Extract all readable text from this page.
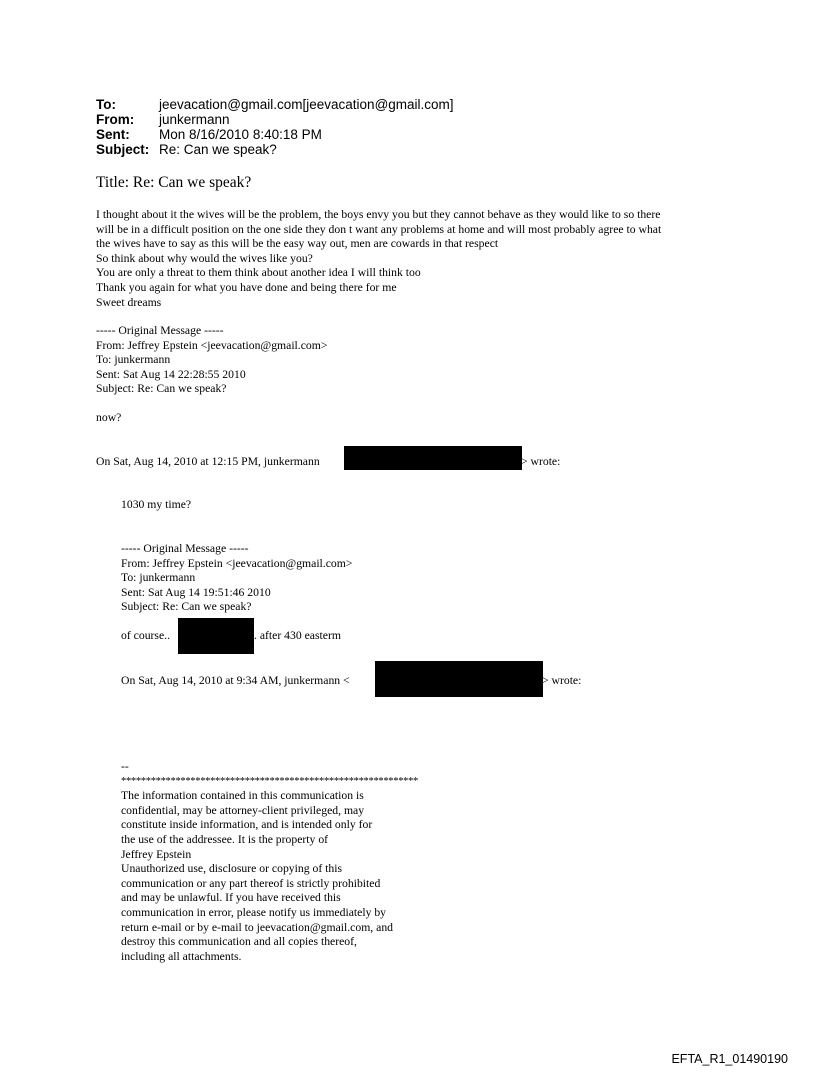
To:	jeevacation@gmail.com[jeevacation@gmail.com]
From:	junkermann
Sent:	Mon 8/16/2010 8:40:18 PM
Subject: Re: Can we speak?
Title: Re: Can we speak?
I thought about it the wives will be the problem, the boys envy you but they cannot behave as they would like to so there
will be in a difficult position on the one side they don t want any problems at home and will most probably agree to what
the wives have to say as this will be the easy way out, men are cowards in that respect
So think about why would the wives like you?
You are only a threat to them think about another idea I will think too
Thank you again for what you have done and being there for me
Sweet dreams
----- Original Message -----
From: Jeffrey Epstein <jeevacation@gmail.com>
To: junkermann
Sent: Sat Aug 14 22:28:55 2010
Subject: Re: Can we speak?
now?
On Sat, Aug 14, 2010 at 12:15 PM, junkermann	> wrote:
1030 my time?
----- Original Message -----
From: Jeffrey Epstein <jeevacation@gmail.com>
To: junkermann
Sent: Sat Aug 14 19:51:46 2010
Subject: Re: Can we speak?
of course..	. after 430 easterm
On Sat, Aug 14, 2010 at 9:34 AM, junkermann <	> wrote:
--
************************************************************
The information contained in this communication is
confidential, may be attorney-client privileged, may
constitute inside information, and is intended only for
the use of the addressee. It is the property of
Jeffrey Epstein
Unauthorized use, disclosure or copying of this
communication or any part thereof is strictly prohibited
and may be unlawful. If you have received this
communication in error, please notify us immediately by
return e-mail or by e-mail to jeevacation@gmail.com, and
destroy this communication and all copies thereof,
including all attachments.
EFTA_R1_01490190
